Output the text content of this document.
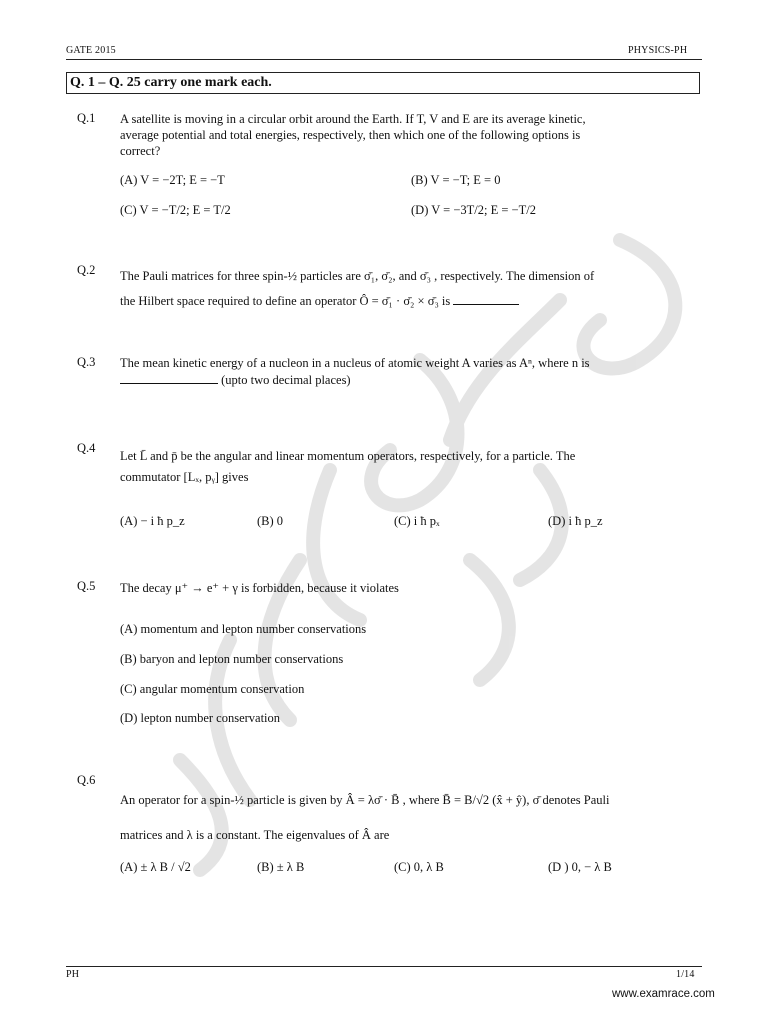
GATE 2015	PHYSICS-PH
Q. 1 – Q. 25 carry one mark each.
Q.1 A satellite is moving in a circular orbit around the Earth. If T, V and E are its average kinetic,
average potential and total energies, respectively, then which one of the following options is
correct?
(A) V = −2T; E = −T	(B) V = −T; E = 0
(C) V = −T/2; E = T/2	(D) V = −3T/2; E = −T/2
Q.2 The Pauli matrices for three spin-½ particles are σ̄₁, σ̄₂, and σ̄₃ , respectively. The dimension of
the Hilbert space required to define an operator Ô = σ̄₁ · σ̄₂ × σ̄₃ is
Q.3 The mean kinetic energy of a nucleon in a nucleus of atomic weight A varies as Aⁿ, where n is
(upto two decimal places)
Q.4
Let L̄ and p̄ be the angular and linear momentum operators, respectively, for a particle. The
commutator [Lₓ, pᵧ] gives
(A) − i ħ p_z	(B) 0	(C) i ħ pₓ	(D) i ħ p_z
Q.5 The decay μ⁺ → e⁺ + γ is forbidden, because it violates
(A) momentum and lepton number conservations
(B) baryon and lepton number conservations
(C) angular momentum conservation
(D) lepton number conservation
Q.6
An operator for a spin-½ particle is given by Â = λσ̄ · B̄ , where B̄ = B/√2 (x̂ + ŷ), σ̄ denotes Pauli
matrices and λ is a constant. The eigenvalues of Â are
(A) ± λ B / √2	(B) ± λ B	(C) 0, λ B	(D ) 0, − λ B
PH	1/14
www.examrace.com
